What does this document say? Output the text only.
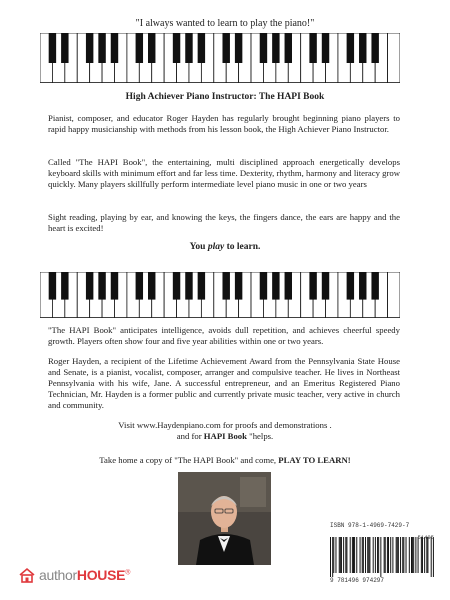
"I always wanted to learn to play the piano!"
High Achiever Piano Instructor: The HAPI Book

Pianist, composer, and educator Roger Hayden has regularly brought beginning piano players to rapid happy musicianship with methods from his lesson book, the High Achiever Piano Instructor.

Called "The HAPI Book", the entertaining, multi disciplined approach energetically develops keyboard skills with minimum effort and far less time. Dexterity, rhythm, harmony and literacy grow quickly. Many players skillfully perform intermediate level piano music in one or two years

Sight reading, playing by ear, and knowing the keys, the fingers dance, the ears are happy and the heart is excited!

You play to learn.

"The HAPI Book" anticipates intelligence, avoids dull repetition, and achieves cheerful speedy growth. Players often show four and five year abilities within one or two years.

Roger Hayden, a recipient of the Lifetime Achievement Award from the Pennsylvania State House and Senate, is a pianist, vocalist, composer, arranger and compulsive teacher. He lives in Northeast Pennsylvania with his wife, Jane. A successful entrepreneur, and an Emeritus Registered Piano Technician, Mr. Hayden is a former public and currently private music teacher, very active in church and community.

Visit www.Haydenpiano.com for proofs and demonstrations .
and for HAPI Book "helps.
Take home a copy of "The HAPI Book" and come, PLAY TO LEARN!
authorHOUSE®
ISBN 978-1-4969-7429-7
51495
9 781496 974297
